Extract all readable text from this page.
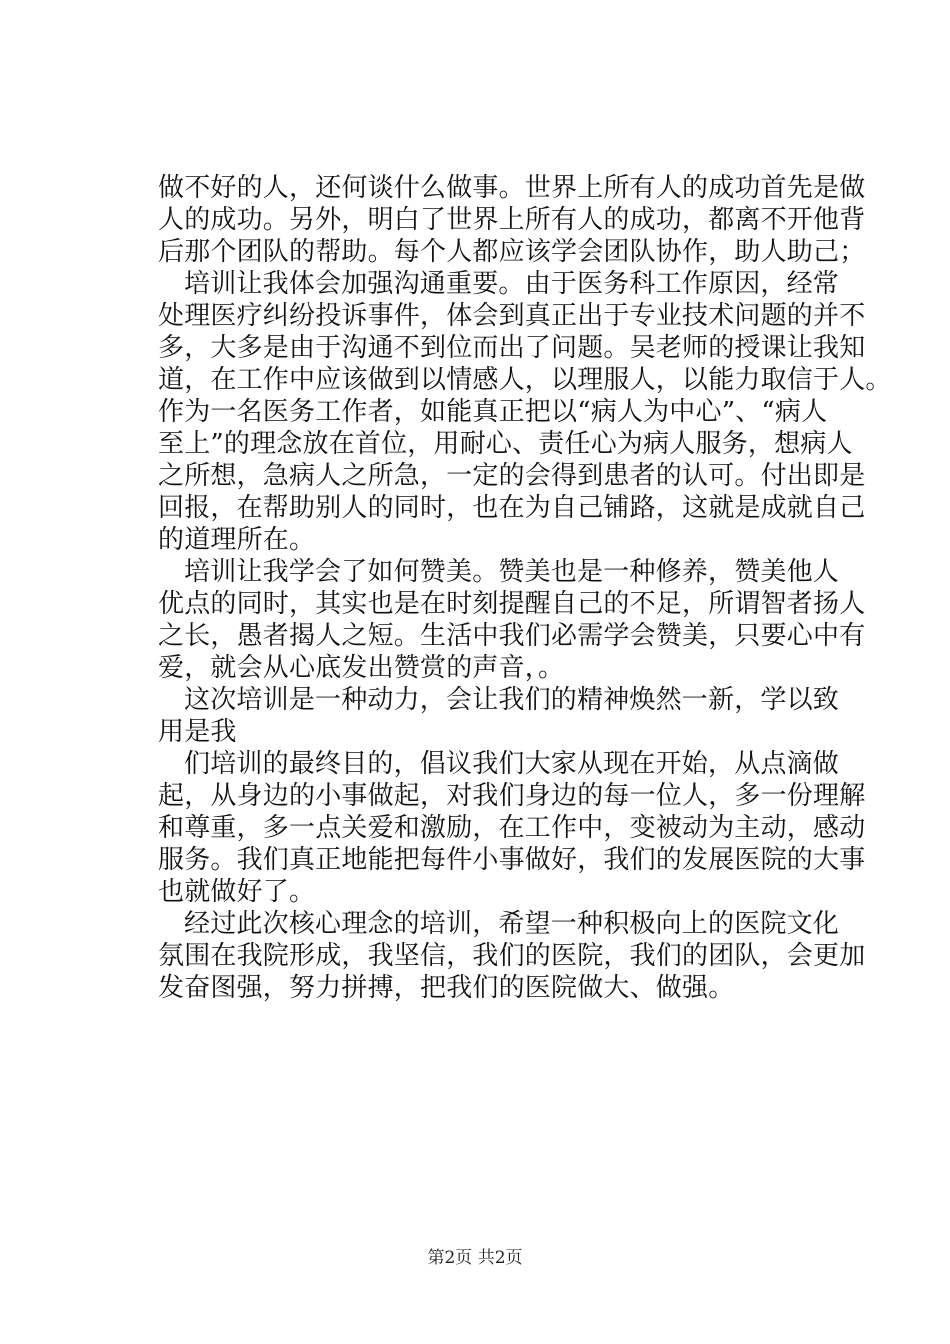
做不好的人，还何谈什么做事。世界上所有人的成功首先是做
人的成功。另外，明白了世界上所有人的成功，都离不开他背
后那个团队的帮助。每个人都应该学会团队协作，助人助己；
培训让我体会加强沟通重要。由于医务科工作原因，经常
处理医疗纠纷投诉事件，体会到真正出于专业技术问题的并不
多，大多是由于沟通不到位而出了问题。吴老师的授课让我知
道，在工作中应该做到以情感人，以理服人，以能力取信于人。
作为一名医务工作者，如能真正把以“病人为中心”、“病人
至上”的理念放在首位，用耐心、责任心为病人服务，想病人
之所想，急病人之所急，一定的会得到患者的认可。付出即是
回报，在帮助别人的同时，也在为自己铺路，这就是成就自己
的道理所在。
培训让我学会了如何赞美。赞美也是一种修养，赞美他人
优点的同时，其实也是在时刻提醒自己的不足，所谓智者扬人
之长，愚者揭人之短。生活中我们必需学会赞美，只要心中有
爱，就会从心底发出赞赏的声音，。
这次培训是一种动力，会让我们的精神焕然一新，学以致
用是我
们培训的最终目的，倡议我们大家从现在开始，从点滴做
起，从身边的小事做起，对我们身边的每一位人，多一份理解
和尊重，多一点关爱和激励，在工作中，变被动为主动，感动
服务。我们真正地能把每件小事做好，我们的发展医院的大事
也就做好了。
经过此次核心理念的培训，希望一种积极向上的医院文化
氛围在我院形成，我坚信，我们的医院，我们的团队，会更加
发奋图强，努力拼搏，把我们的医院做大、做强。
第2页 共2页
